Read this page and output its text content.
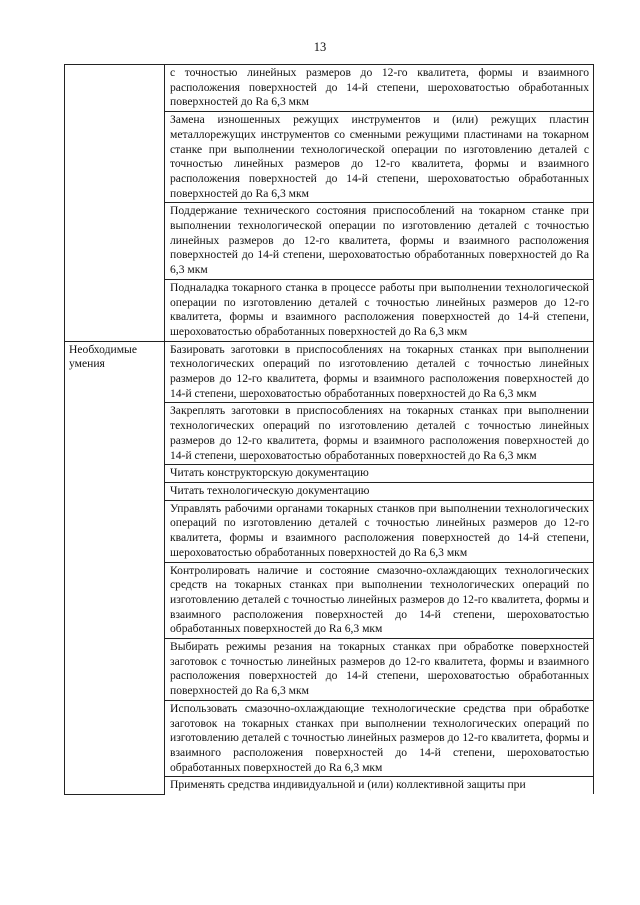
13
	с точностью линейных размеров до 12-го квалитета, формы и взаимного расположения поверхностей до 14-й степени, шероховатостью обработанных поверхностей до Ra 6,3 мкм
	Замена изношенных режущих инструментов и (или) режущих пластин металлорежущих инструментов со сменными режущими пластинами на токарном станке при выполнении технологической операции по изготовлению деталей с точностью линейных размеров до 12-го квалитета, формы и взаимного расположения поверхностей до 14-й степени, шероховатостью обработанных поверхностей до Ra 6,3 мкм
	Поддержание технического состояния приспособлений на токарном станке при выполнении технологической операции по изготовлению деталей с точностью линейных размеров до 12-го квалитета, формы и взаимного расположения поверхностей до 14-й степени, шероховатостью обработанных поверхностей до Ra 6,3 мкм
	Подналадка токарного станка в процессе работы при выполнении технологической операции по изготовлению деталей с точностью линейных размеров до 12-го квалитета, формы и взаимного расположения поверхностей до 14-й степени, шероховатостью обработанных поверхностей до Ra 6,3 мкм
Необходимые умения	Базировать заготовки в приспособлениях на токарных станках при выполнении технологических операций по изготовлению деталей с точностью линейных размеров до 12-го квалитета, формы и взаимного расположения поверхностей до 14-й степени, шероховатостью обработанных поверхностей до Ra 6,3 мкм
	Закреплять заготовки в приспособлениях на токарных станках при выполнении технологических операций по изготовлению деталей с точностью линейных размеров до 12-го квалитета, формы и взаимного расположения поверхностей до 14-й степени, шероховатостью обработанных поверхностей до Ra 6,3 мкм
	Читать конструкторскую документацию
	Читать технологическую документацию
	Управлять рабочими органами токарных станков при выполнении технологических операций по изготовлению деталей с точностью линейных размеров до 12-го квалитета, формы и взаимного расположения поверхностей до 14-й степени, шероховатостью обработанных поверхностей до Ra 6,3 мкм
	Контролировать наличие и состояние смазочно-охлаждающих технологических средств на токарных станках при выполнении технологических операций по изготовлению деталей с точностью линейных размеров до 12-го квалитета, формы и взаимного расположения поверхностей до 14-й степени, шероховатостью обработанных поверхностей до Ra 6,3 мкм
	Выбирать режимы резания на токарных станках при обработке поверхностей заготовок с точностью линейных размеров до 12-го квалитета, формы и взаимного расположения поверхностей до 14-й степени, шероховатостью обработанных поверхностей до Ra 6,3 мкм
	Использовать смазочно-охлаждающие технологические средства при обработке заготовок на токарных станках при выполнении технологических операций по изготовлению деталей с точностью линейных размеров до 12-го квалитета, формы и взаимного расположения поверхностей до 14-й степени, шероховатостью обработанных поверхностей до Ra 6,3 мкм
	Применять средства индивидуальной и (или) коллективной защиты при
